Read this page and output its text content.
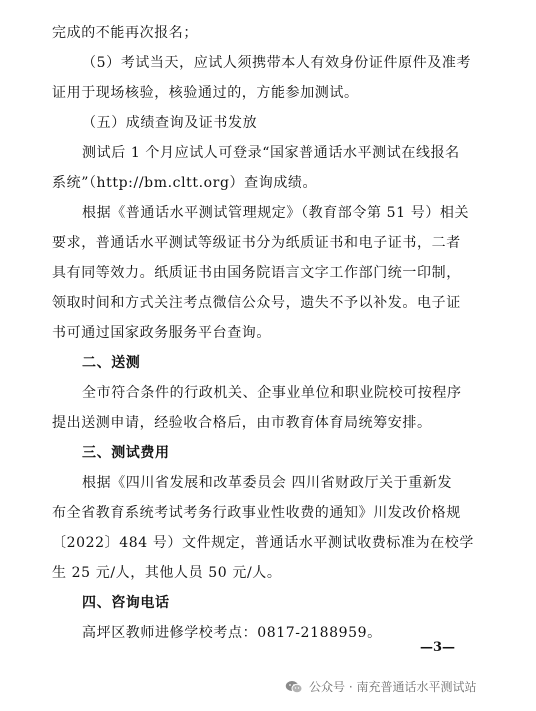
完成的不能再次报名；

（5）考试当天，应试人须携带本人有效身份证件原件及准考
证用于现场核验，核验通过的，方能参加测试。

（五）成绩查询及证书发放

测试后 1 个月应试人可登录“国家普通话水平测试在线报名
系统”（http://bm.cltt.org）查询成绩。

根据《普通话水平测试管理规定》（教育部令第 51 号）相关
要求，普通话水平测试等级证书分为纸质证书和电子证书，二者
具有同等效力。纸质证书由国务院语言文字工作部门统一印制，
领取时间和方式关注考点微信公众号，遗失不予以补发。电子证
书可通过国家政务服务平台查询。

二、送测

全市符合条件的行政机关、企事业单位和职业院校可按程序
提出送测申请，经验收合格后，由市教育体育局统筹安排。

三、测试费用

根据《四川省发展和改革委员会 四川省财政厅关于重新发
布全省教育系统考试考务行政事业性收费的通知》川发改价格规
〔2022〕484 号）文件规定，普通话水平测试收费标准为在校学
生 25 元/人，其他人员 50 元/人。

四、咨询电话

高坪区教师进修学校考点：0817-2188959。

—3—
公众号 · 南充普通话水平测试站
